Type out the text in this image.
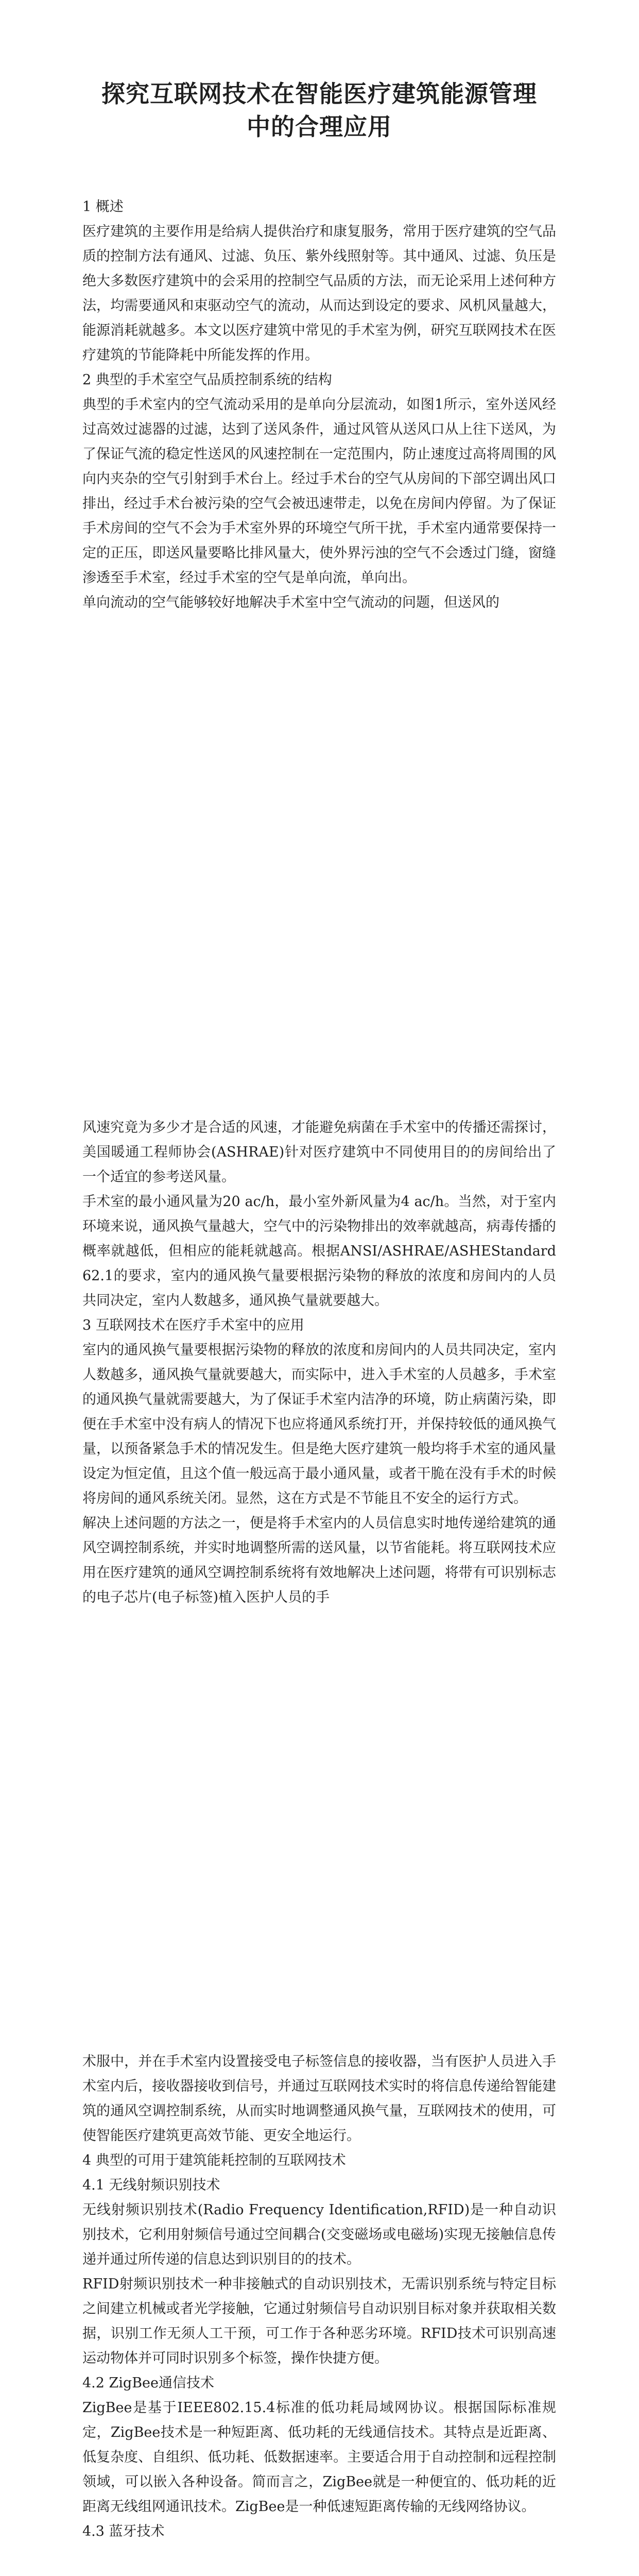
探究互联网技术在智能医疗建筑能源管理
中的合理应用

1 概述

医疗建筑的主要作用是给病人提供治疗和康复服务，常用于医疗建筑的空气品质的控制方法有通风、过滤、负压、紫外线照射等。其中通风、过滤、负压是绝大多数医疗建筑中的会采用的控制空气品质的方法，而无论采用上述何种方法，均需要通风和束驱动空气的流动，从而达到设定的要求、风机风量越大，能源消耗就越多。本文以医疗建筑中常见的手术室为例，研究互联网技术在医疗建筑的节能降耗中所能发挥的作用。

2 典型的手术室空气品质控制系统的结构

典型的手术室内的空气流动采用的是单向分层流动，如图1所示，室外送风经过高效过滤器的过滤，达到了送风条件，通过风管从送风口从上往下送风，为了保证气流的稳定性送风的风速控制在一定范围内，防止速度过高将周围的风向内夹杂的空气引射到手术台上。经过手术台的空气从房间的下部空调出风口排出，经过手术台被污染的空气会被迅速带走，以免在房间内停留。为了保证手术房间的空气不会为手术室外界的环境空气所干扰，手术室内通常要保持一定的正压，即送风量要略比排风量大，使外界污浊的空气不会透过门缝，窗缝渗透至手术室，经过手术室的空气是单向流，单向出。

单向流动的空气能够较好地解决手术室中空气流动的问题，但送风的

风速究竟为多少才是合适的风速，才能避免病菌在手术室中的传播还需探讨，美国暖通工程师协会(ASHRAE)针对医疗建筑中不同使用目的的房间给出了一个适宜的参考送风量。

手术室的最小通风量为20 ac/h，最小室外新风量为4 ac/h。当然，对于室内环境来说，通风换气量越大，空气中的污染物排出的效率就越高，病毒传播的概率就越低，但相应的能耗就越高。根据ANSI/ASHRAE/ASHEStandard 62.1的要求，室内的通风换气量要根据污染物的释放的浓度和房间内的人员共同决定，室内人数越多，通风换气量就要越大。

3 互联网技术在医疗手术室中的应用

室内的通风换气量要根据污染物的释放的浓度和房间内的人员共同决定，室内人数越多，通风换气量就要越大，而实际中，进入手术室的人员越多，手术室的通风换气量就需要越大，为了保证手术室内洁净的环境，防止病菌污染，即便在手术室中没有病人的情况下也应将通风系统打开，并保持较低的通风换气量，以预备紧急手术的情况发生。但是绝大医疗建筑一般均将手术室的通风量设定为恒定值，且这个值一般远高于最小通风量，或者干脆在没有手术的时候将房间的通风系统关闭。显然，这在方式是不节能且不安全的运行方式。

解决上述问题的方法之一，便是将手术室内的人员信息实时地传递给建筑的通风空调控制系统，并实时地调整所需的送风量，以节省能耗。将互联网技术应用在医疗建筑的通风空调控制系统将有效地解决上述问题，将带有可识别标志的电子芯片(电子标签)植入医护人员的手

术服中，并在手术室内设置接受电子标签信息的接收器，当有医护人员进入手术室内后，接收器接收到信号，并通过互联网技术实时的将信息传递给智能建筑的通风空调控制系统，从而实时地调整通风换气量，互联网技术的使用，可使智能医疗建筑更高效节能、更安全地运行。

4 典型的可用于建筑能耗控制的互联网技术

4.1 无线射频识别技术

无线射频识别技术(Radio Frequency Identification,RFID)是一种自动识别技术，它利用射频信号通过空间耦合(交变磁场或电磁场)实现无接触信息传递并通过所传递的信息达到识别目的的技术。

RFID射频识别技术一种非接触式的自动识别技术，无需识别系统与特定目标之间建立机械或者光学接触，它通过射频信号自动识别目标对象并获取相关数据，识别工作无须人工干预，可工作于各种恶劣环境。RFID技术可识别高速运动物体并可同时识别多个标签，操作快捷方便。

4.2 ZigBee通信技术

ZigBee是基于IEEE802.15.4标准的低功耗局域网协议。根据国际标准规定，ZigBee技术是一种短距离、低功耗的无线通信技术。其特点是近距离、低复杂度、自组织、低功耗、低数据速率。主要适合用于自动控制和远程控制领域，可以嵌入各种设备。简而言之，ZigBee就是一种便宜的、低功耗的近距离无线组网通讯技术。ZigBee是一种低速短距离传输的无线网络协议。

4.3 蓝牙技术
